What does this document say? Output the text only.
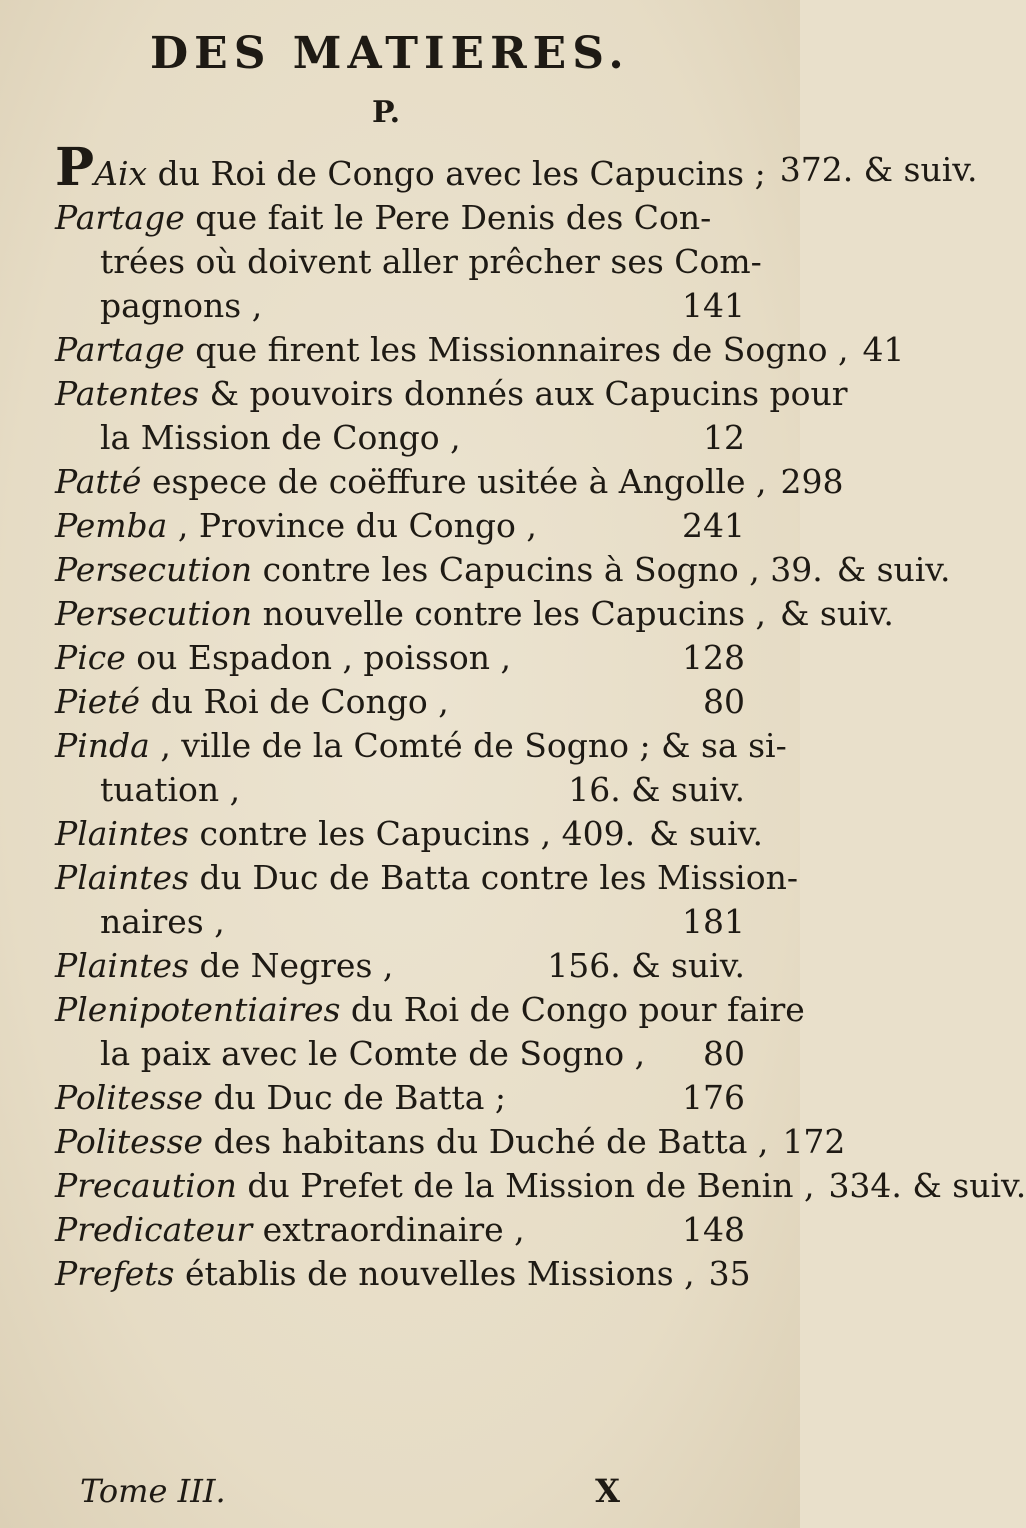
DES MATIERES.
P.
PAix du Roi de Congo avec les Capucins ; 372. & suiv.
Partage que fait le Pere Denis des Con-
trées où doivent aller prêcher ses Com-
pagnons ,	141
Partage que firent les Missionnaires de Sogno , 41
Patentes & pouvoirs donnés aux Capucins pour
la Mission de Congo ,	12
Patté espece de coëffure usitée à Angolle , 298
Pemba , Province du Congo ,	241
Persecution contre les Capucins à Sogno , 39. & suiv.
Persecution nouvelle contre les Capucins , & suiv.
Pice ou Espadon , poisson ,	128
Pieté du Roi de Congo ,	80
Pinda , ville de la Comté de Sogno ; & sa si-
tuation ,	16. & suiv.
Plaintes contre les Capucins , 409. & suiv.
Plaintes du Duc de Batta contre les Mission-
naires ,	181
Plaintes de Negres ,	156. & suiv.
Plenipotentiaires du Roi de Congo pour faire
la paix avec le Comte de Sogno , 80
Politesse du Duc de Batta ;	176
Politesse des habitans du Duché de Batta , 172
Precaution du Prefet de la Mission de Benin , 334. & suiv.
Predicateur extraordinaire ,	148
Prefets établis de nouvelles Missions , 35
Tome III.	X
